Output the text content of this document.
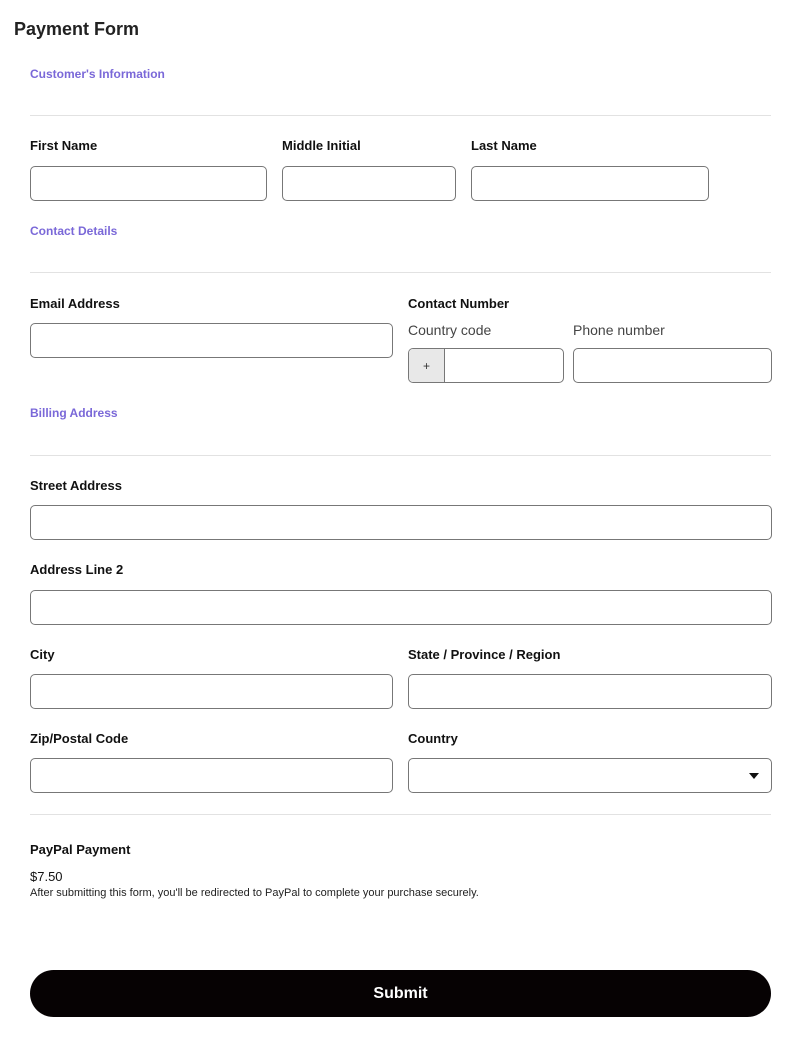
Payment Form
Customer's Information
First Name	Middle Initial	Last Name
Contact Details
Email Address	Contact Number
Country code	Phone number
+
Billing Address
Street Address
Address Line 2
City	State / Province / Region
Zip/Postal Code	Country
PayPal Payment
$7.50
After submitting this form, you'll be redirected to PayPal to complete your purchase securely.
Submit
